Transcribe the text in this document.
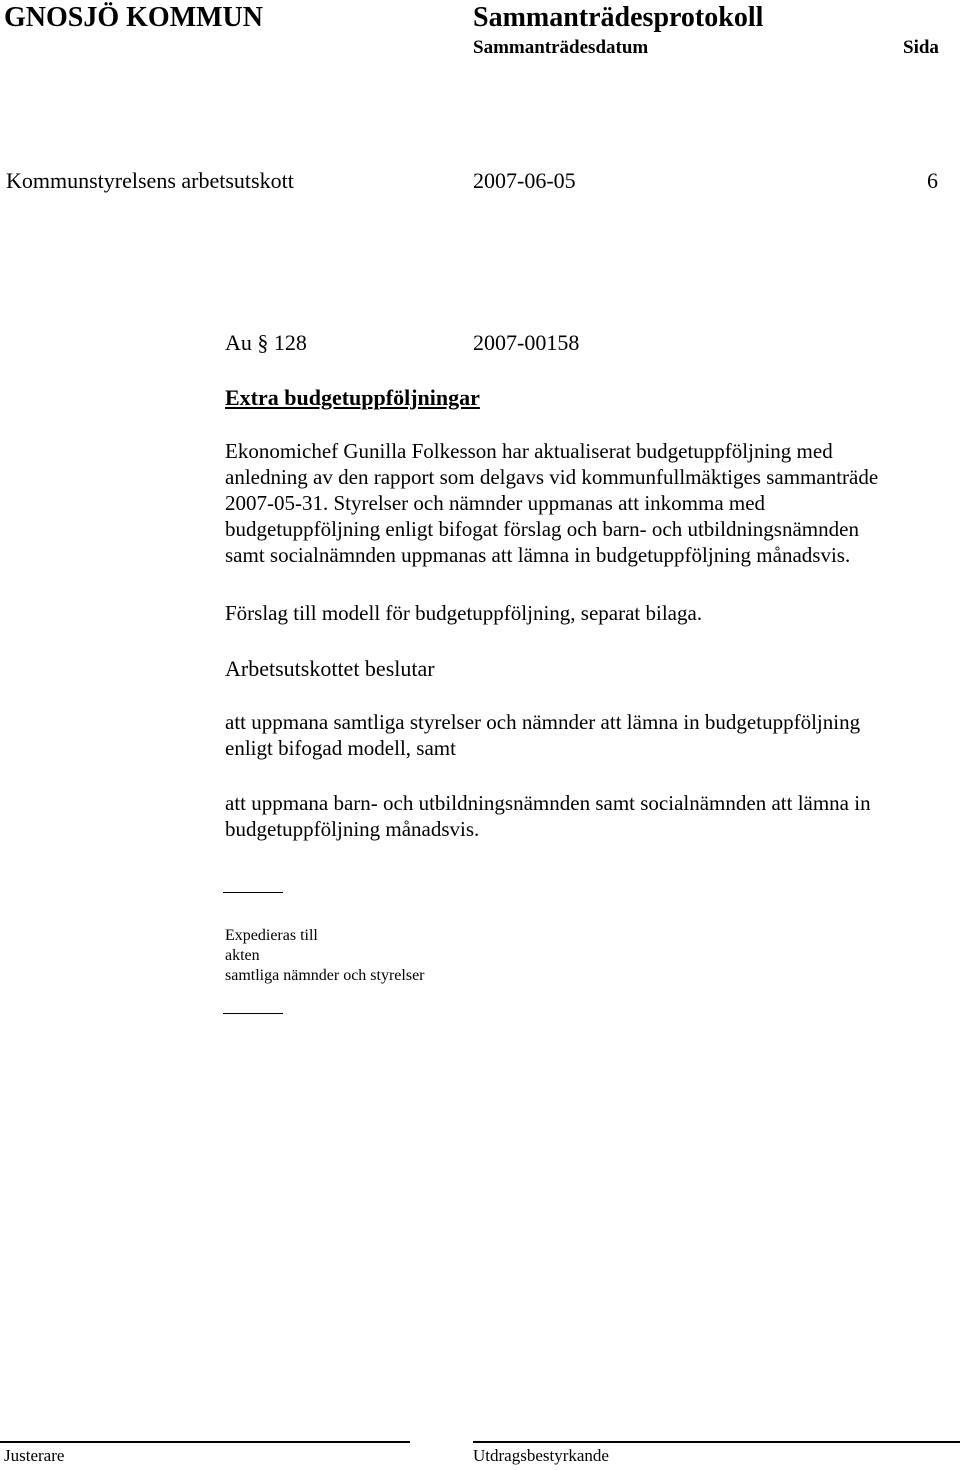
GNOSJÖ KOMMUN	Sammanträdesprotokoll
Sammanträdesdatum	Sida
Kommunstyrelsens arbetsutskott	2007-06-05	6
Au § 128	2007-00158
Extra budgetuppföljningar
Ekonomichef Gunilla Folkesson har aktualiserat budgetuppföljning med
anledning av den rapport som delgavs vid kommunfullmäktiges sammanträde
2007-05-31. Styrelser och nämnder uppmanas att inkomma med
budgetuppföljning enligt bifogat förslag och barn- och utbildningsnämnden
samt socialnämnden uppmanas att lämna in budgetuppföljning månadsvis.
Förslag till modell för budgetuppföljning, separat bilaga.
Arbetsutskottet beslutar
att uppmana samtliga styrelser och nämnder att lämna in budgetuppföljning
enligt bifogad modell, samt
att uppmana barn- och utbildningsnämnden samt socialnämnden att lämna in
budgetuppföljning månadsvis.
Expedieras till
akten
samtliga nämnder och styrelser
Justerare	Utdragsbestyrkande
